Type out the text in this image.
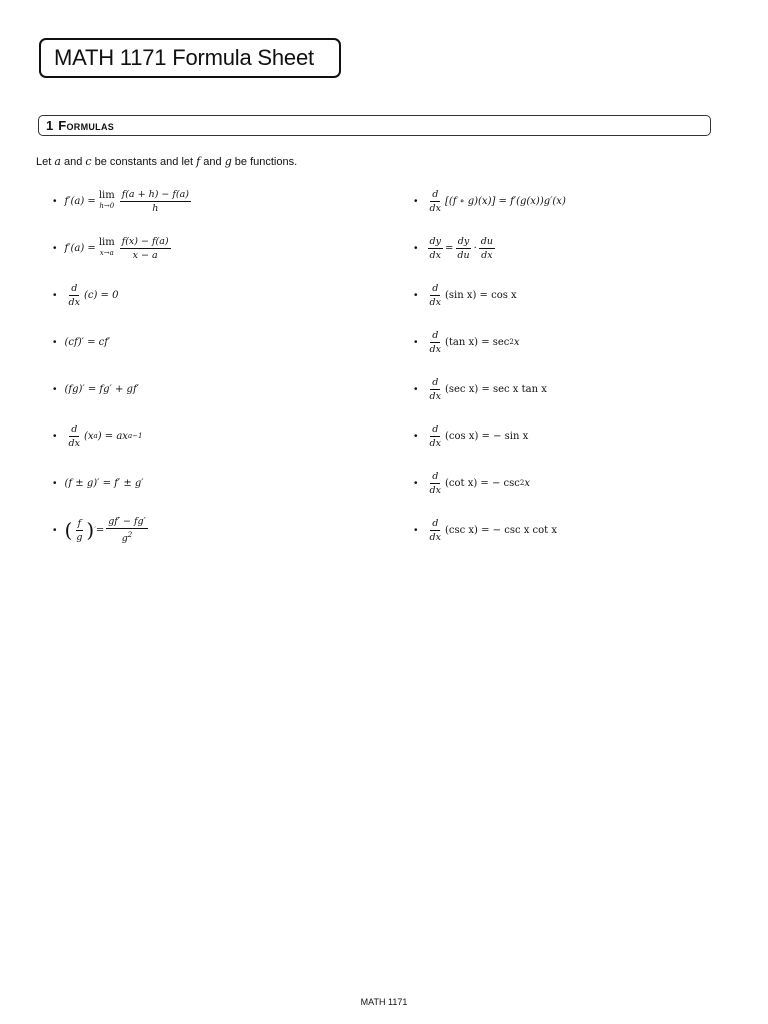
MATH 1171 Formula Sheet
1 Formulas
Let a and c be constants and let f and g be functions.
• f′(a) = lim
$h\to 0 \frac{f(a + h) - f(a)}{h}$
• f′(a) = lim
$x\to a \frac{f(x) - f(a)}{x - a}$
• $\frac{d}{dx} (c) = 0$
• (cf)′ = cf′
• (fg)′ = fg′ + gf′
• $\frac{d}{dx} (x$ a ) = ax a−1
• (f ± g)′ = f′ ± g′
• ( $\frac{f}{g}$ ) ′ = $\frac{gf' - fg'}{g^2}$
• $\frac{d}{dx} [(f$ ∘ g)(x)] = f′(g(x))g′(x)
• $\frac{dy}{dx} = \frac{dy}{du} \cdot \frac{du}{dx}$
• $\frac{d}{dx} (\sin$ x) = cos x
• $\frac{d}{dx} (\tan$ x) = sec 2 x
• $\frac{d}{dx} (\sec$ x) = sec x tan x
• $\frac{d}{dx} (\cos$ x) = − sin x
• $\frac{d}{dx} (\cot$ x) = − csc 2 x
• $\frac{d}{dx} (\csc$ x) = − csc x cot x
MATH 1171
